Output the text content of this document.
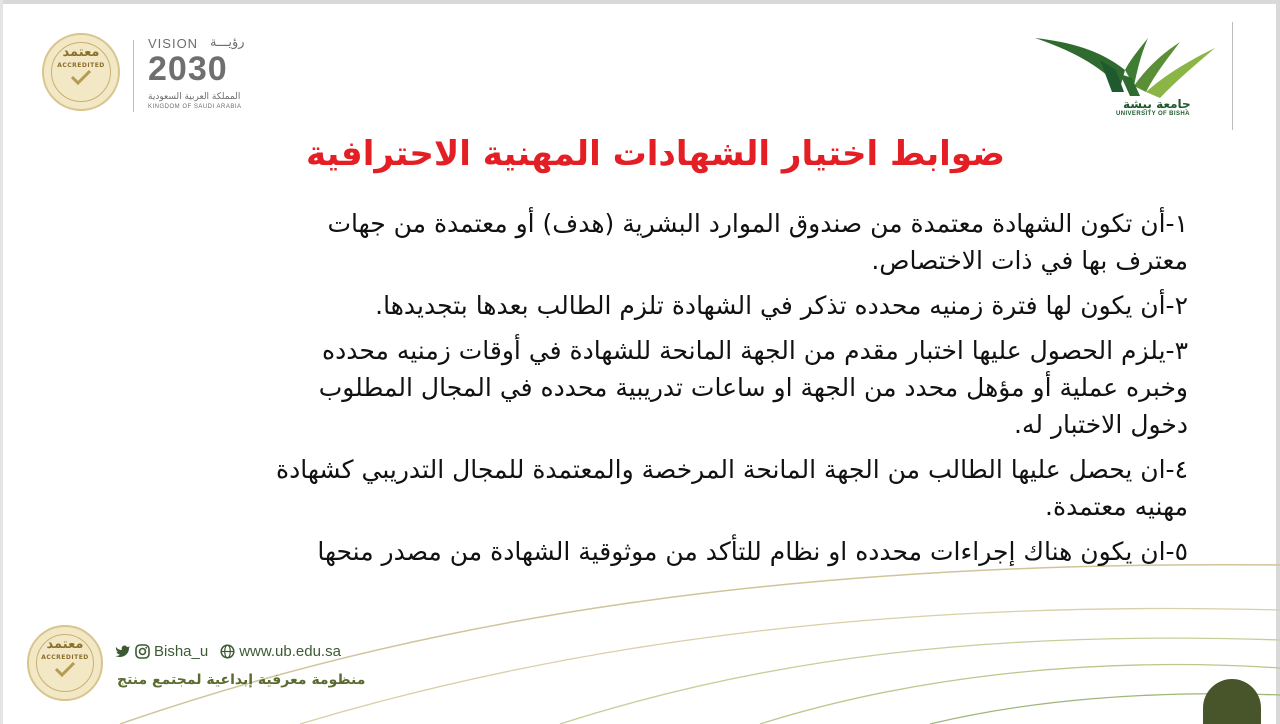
معتمد
ACCREDITED
VISION رؤيـــة
2030
المملكة العربية السعودية
KINGDOM OF SAUDI ARABIA	جامعة بيشة
UNIVERSITY OF BISHA
ضوابط اختيار الشهادات المهنية الاحترافية

١-أن تكون الشهادة معتمدة من صندوق الموارد البشرية (هدف) أو معتمدة من جهات
معترف بها في ذات الاختصاص.

٢-أن يكون لها فترة زمنيه محدده تذكر في الشهادة تلزم الطالب بعدها بتجديدها.

٣-يلزم الحصول عليها اختبار مقدم من الجهة المانحة للشهادة في أوقات زمنيه محدده
وخبره عملية أو مؤهل محدد من الجهة او ساعات تدريبية محدده في المجال المطلوب
دخول الاختبار له.

٤-ان يحصل عليها الطالب من الجهة المانحة المرخصة والمعتمدة للمجال التدريبي كشهادة
مهنيه معتمدة.

٥-ان يكون هناك إجراءات محدده او نظام للتأكد من موثوقية الشهادة من مصدر منحها

معتمد
ACCREDITED	Bisha_u www.ub.edu.sa
منظومة معرفية إبداعية لمجتمع منتج
